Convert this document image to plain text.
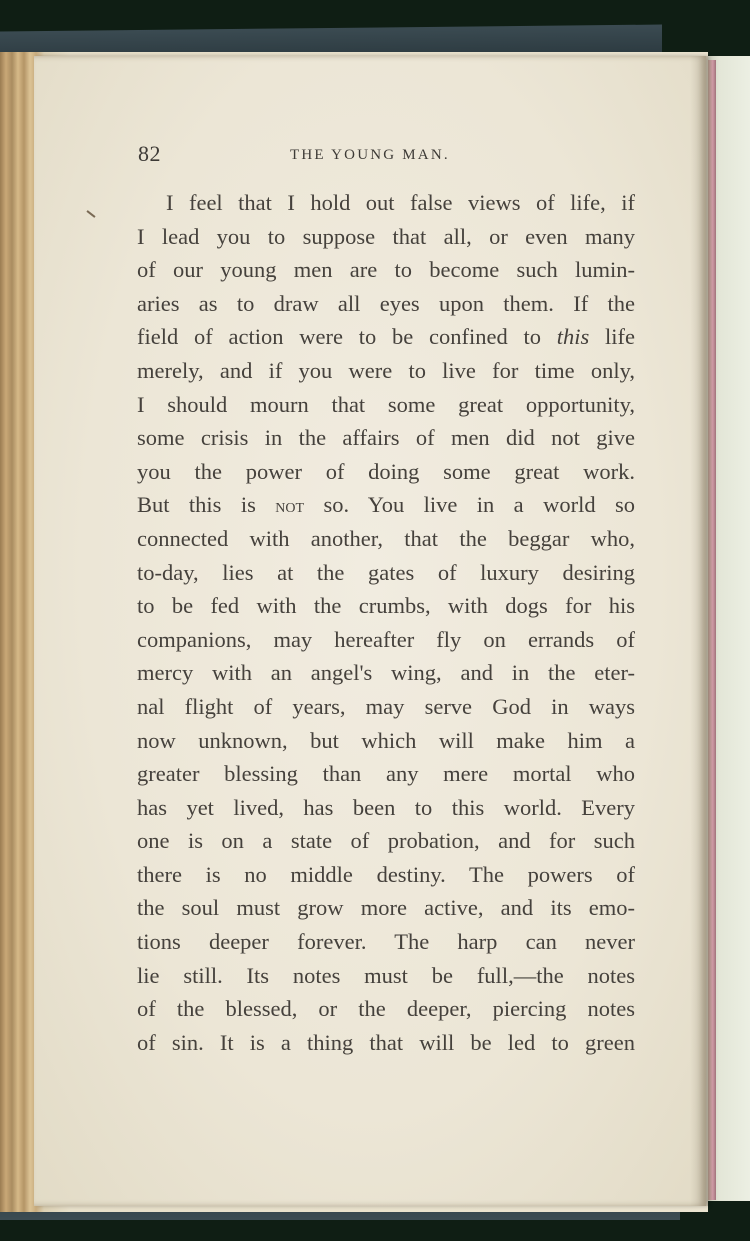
82	THE YOUNG MAN.
I feel that I hold out false views of life, if
I lead you to suppose that all, or even many
of our young men are to become such lumin-
aries as to draw all eyes upon them. If the
field of action were to be confined to this life
merely, and if you were to live for time only,
I should mourn that some great opportunity,
some crisis in the affairs of men did not give
you the power of doing some great work.
But this is not so. You live in a world so
connected with another, that the beggar who,
to-day, lies at the gates of luxury desiring
to be fed with the crumbs, with dogs for his
companions, may hereafter fly on errands of
mercy with an angel's wing, and in the eter-
nal flight of years, may serve God in ways
now unknown, but which will make him a
greater blessing than any mere mortal who
has yet lived, has been to this world. Every
one is on a state of probation, and for such
there is no middle destiny. The powers of
the soul must grow more active, and its emo-
tions deeper forever. The harp can never
lie still. Its notes must be full,—the notes
of the blessed, or the deeper, piercing notes
of sin. It is a thing that will be led to green
